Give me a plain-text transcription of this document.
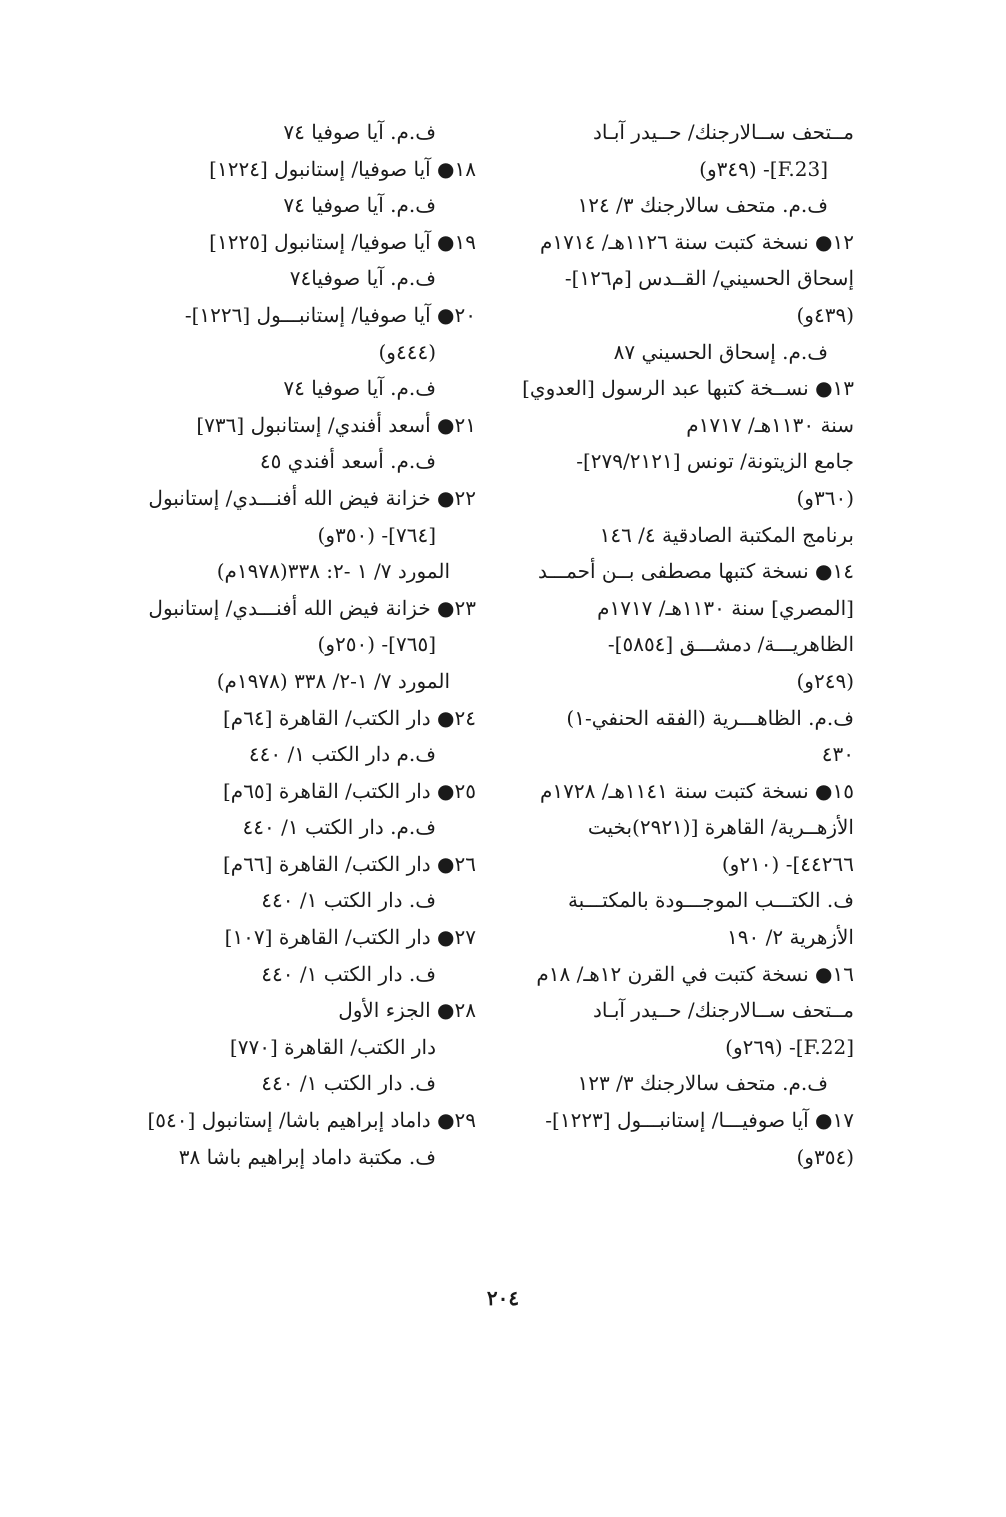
مــتحف ســالارجنك/ حــيدر آبـاد
[F.23]- (٣٤٩و)
ف.م. متحف سالارجنك ٣/ ١٢٤
١٢● نسخة كتبت سنة ١١٢٦هـ/ ١٧١٤م
إسحاق الحسيني/ القــدس [م١٢٦]-
(٤٣٩و)
ف.م. إسحاق الحسيني ٨٧
١٣● نســخة كتبها عبد الرسول [العدوي]
سنة ١١٣٠هـ/ ١٧١٧م
جامع الزيتونة/ تونس [٢٧٩/٢١٢١]-
(٣٦٠و)
برنامج المكتبة الصادقية ٤/ ١٤٦
١٤● نسخة كتبها مصطفى بــن أحمـــد
[المصري] سنة ١١٣٠هـ/ ١٧١٧م
الظاهريـــة/ دمشـــق [٥٨٥٤]-
(٢٤٩و)
ف.م. الظاهـــرية (الفقه الحنفي-١)
٤٣٠
١٥● نسخة كتبت سنة ١١٤١هـ/ ١٧٢٨م
الأزهــرية/ القاهرة [(٢٩٢١)بخيت
٤٤٢٦٦]- (٢١٠و)
ف. الكتـــب الموجـــودة بالمكتـــبة
الأزهرية ٢/ ١٩٠
١٦● نسخة كتبت في القرن ١٢هـ/ ١٨م
مــتحف ســالارجنك/ حــيدر آبـاد
[F.22]- (٢٦٩و)
ف.م. متحف سالارجنك ٣/ ١٢٣
١٧● آيا صوفيـــا/ إستانبـــول [١٢٢٣]-
(٣٥٤و)
ف.م. آيا صوفيا ٧٤
١٨● آيا صوفيا/ إستانبول [١٢٢٤]
ف.م. آيا صوفيا ٧٤
١٩● آيا صوفيا/ إستانبول [١٢٢٥]
ف.م. آيا صوفيا٧٤
٢٠● آيا صوفيا/ إستانبـــول [١٢٢٦]-
(٤٤٤و)
ف.م. آيا صوفيا ٧٤
٢١● أسعد أفندي/ إستانبول [٧٣٦]
ف.م. أسعد أفندي ٤٥
٢٢● خزانة فيض الله أفنـــدي/ إستانبول
[٧٦٤]- (٣٥٠و)
المورد ٧/ ١ -٢: ٣٣٨(١٩٧٨م)
٢٣● خزانة فيض الله أفنـــدي/ إستانبول
[٧٦٥]- (٢٥٠و)
المورد ٧/ ١-٢/ ٣٣٨ (١٩٧٨م)
٢٤● دار الكتب/ القاهرة [٦٤م]
ف.م دار الكتب ١/ ٤٤٠
٢٥● دار الكتب/ القاهرة [٦٥م]
ف.م. دار الكتب ١/ ٤٤٠
٢٦● دار الكتب/ القاهرة [٦٦م]
ف. دار الكتب ١/ ٤٤٠
٢٧● دار الكتب/ القاهرة [١٠٧]
ف. دار الكتب ١/ ٤٤٠
٢٨● الجزء الأول
دار الكتب/ القاهرة [٧٧٠]
ف. دار الكتب ١/ ٤٤٠
٢٩● داماد إبراهيم باشا/ إستانبول [٥٤٠]
ف. مكتبة داماد إبراهيم باشا ٣٨
٢٠٤
